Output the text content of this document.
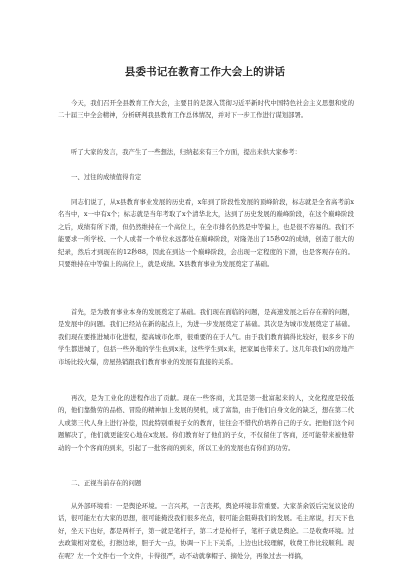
县委书记在教育工作大会上的讲话

今天，我们召开全县教育工作大会，主要目的是深入贯彻习近平新时代中国特色社会主义思想和党的二十届三中全会精神，分析研判我县教育工作总体情况，并对下一步工作进行谋划部署。

听了大家的发言，我产生了一些想法，归纳起来有三个方面，提出来供大家参考：

一、过往的成绩值得肯定

同志们说了，从x县教育事业发展的历史看，x年到了阶段性发展的顶峰阶段，标志就是全省高考前x名当中，x一中有x个；标志就是当年考取了x个清华北大，达到了历史发展的巅峰阶段，在这个巅峰阶段之后，成绩有所下滑，但仍然维持在一个高位上，在全市排名仍然是中等偏上，也是很不容易的。我们不能要求一所学校、一个人或者一个单位永远都处在巅峰阶段，对隆尧出了15秒02的成绩，创造了很大的纪录，然后才到现在的12秒88，因此在到达一个巅峰阶段，会出现一定程度的下滑，也是客观存在的。只要维持在中等偏上的高位上，就是成绩。X县教育事业为发展奠定了基础。

首先，是为教育事业本身的发展奠定了基础。我们现在面临的问题，是高速发展之后存在着的问题，是发展中的问题。我们已经站在新的起点上，为进一步发展奠定了基础。其次是为城市发展奠定了基础。我们现在要推进城市化进程，提高城市化率，很重要的在于人气。由于我们教育搞得比较好，很多乡下的学生都进城了，包括一些外地的学生也到x来，这些学生到x来，把家属也带来了。这几年我们x的房地产市场比较火爆，房屋热销跟我们教育事业的发展有直接的关系。

再次，是为工业化的进程作出了贡献。现在一些客商，尤其是第一批富起来的人，文化程度是较低的，他们靠勤劳的品格、冒险的精神加上发展的契机，成了富翁，由于他们自身文化的缺乏，想在第二代人或第三代人身上进行补偿，因此特别重视子女的教育，往往会不惜代价培养自己的子女。把他们这个问题解决了，他们就更能安心地在x发展。你们教育好了他们的子女，不仅留住了客商，还可能带来被他带动的一个个客商的到来，引起了一批客商的到来，所以工业的发展也有你们的功劳。

二、正视当前存在的问题

从外部环境看：一是舆论环境。一言兴邦，一言丧邦，舆论环境非常重要。大家茶余饭后完复议论的话，很可能左右大家的思想，很可能掩没我们很多亮点，很可能会阻碍我们的发展。毛主席说，打天下也好，坐天下也好，都是两杆子，第一就是笔杆子，第二才是枪杆子，笔杆子就是舆论。二是收费环境。过去政策相对宽松，打擦边球，胆子大一点，协调一下上下关系，上边也比较理解，收费工作比较顺利。现在呢？左一个文件右一个文件，卡得很严，动不动就拿帽子、摘处分，再象过去一样搞，
